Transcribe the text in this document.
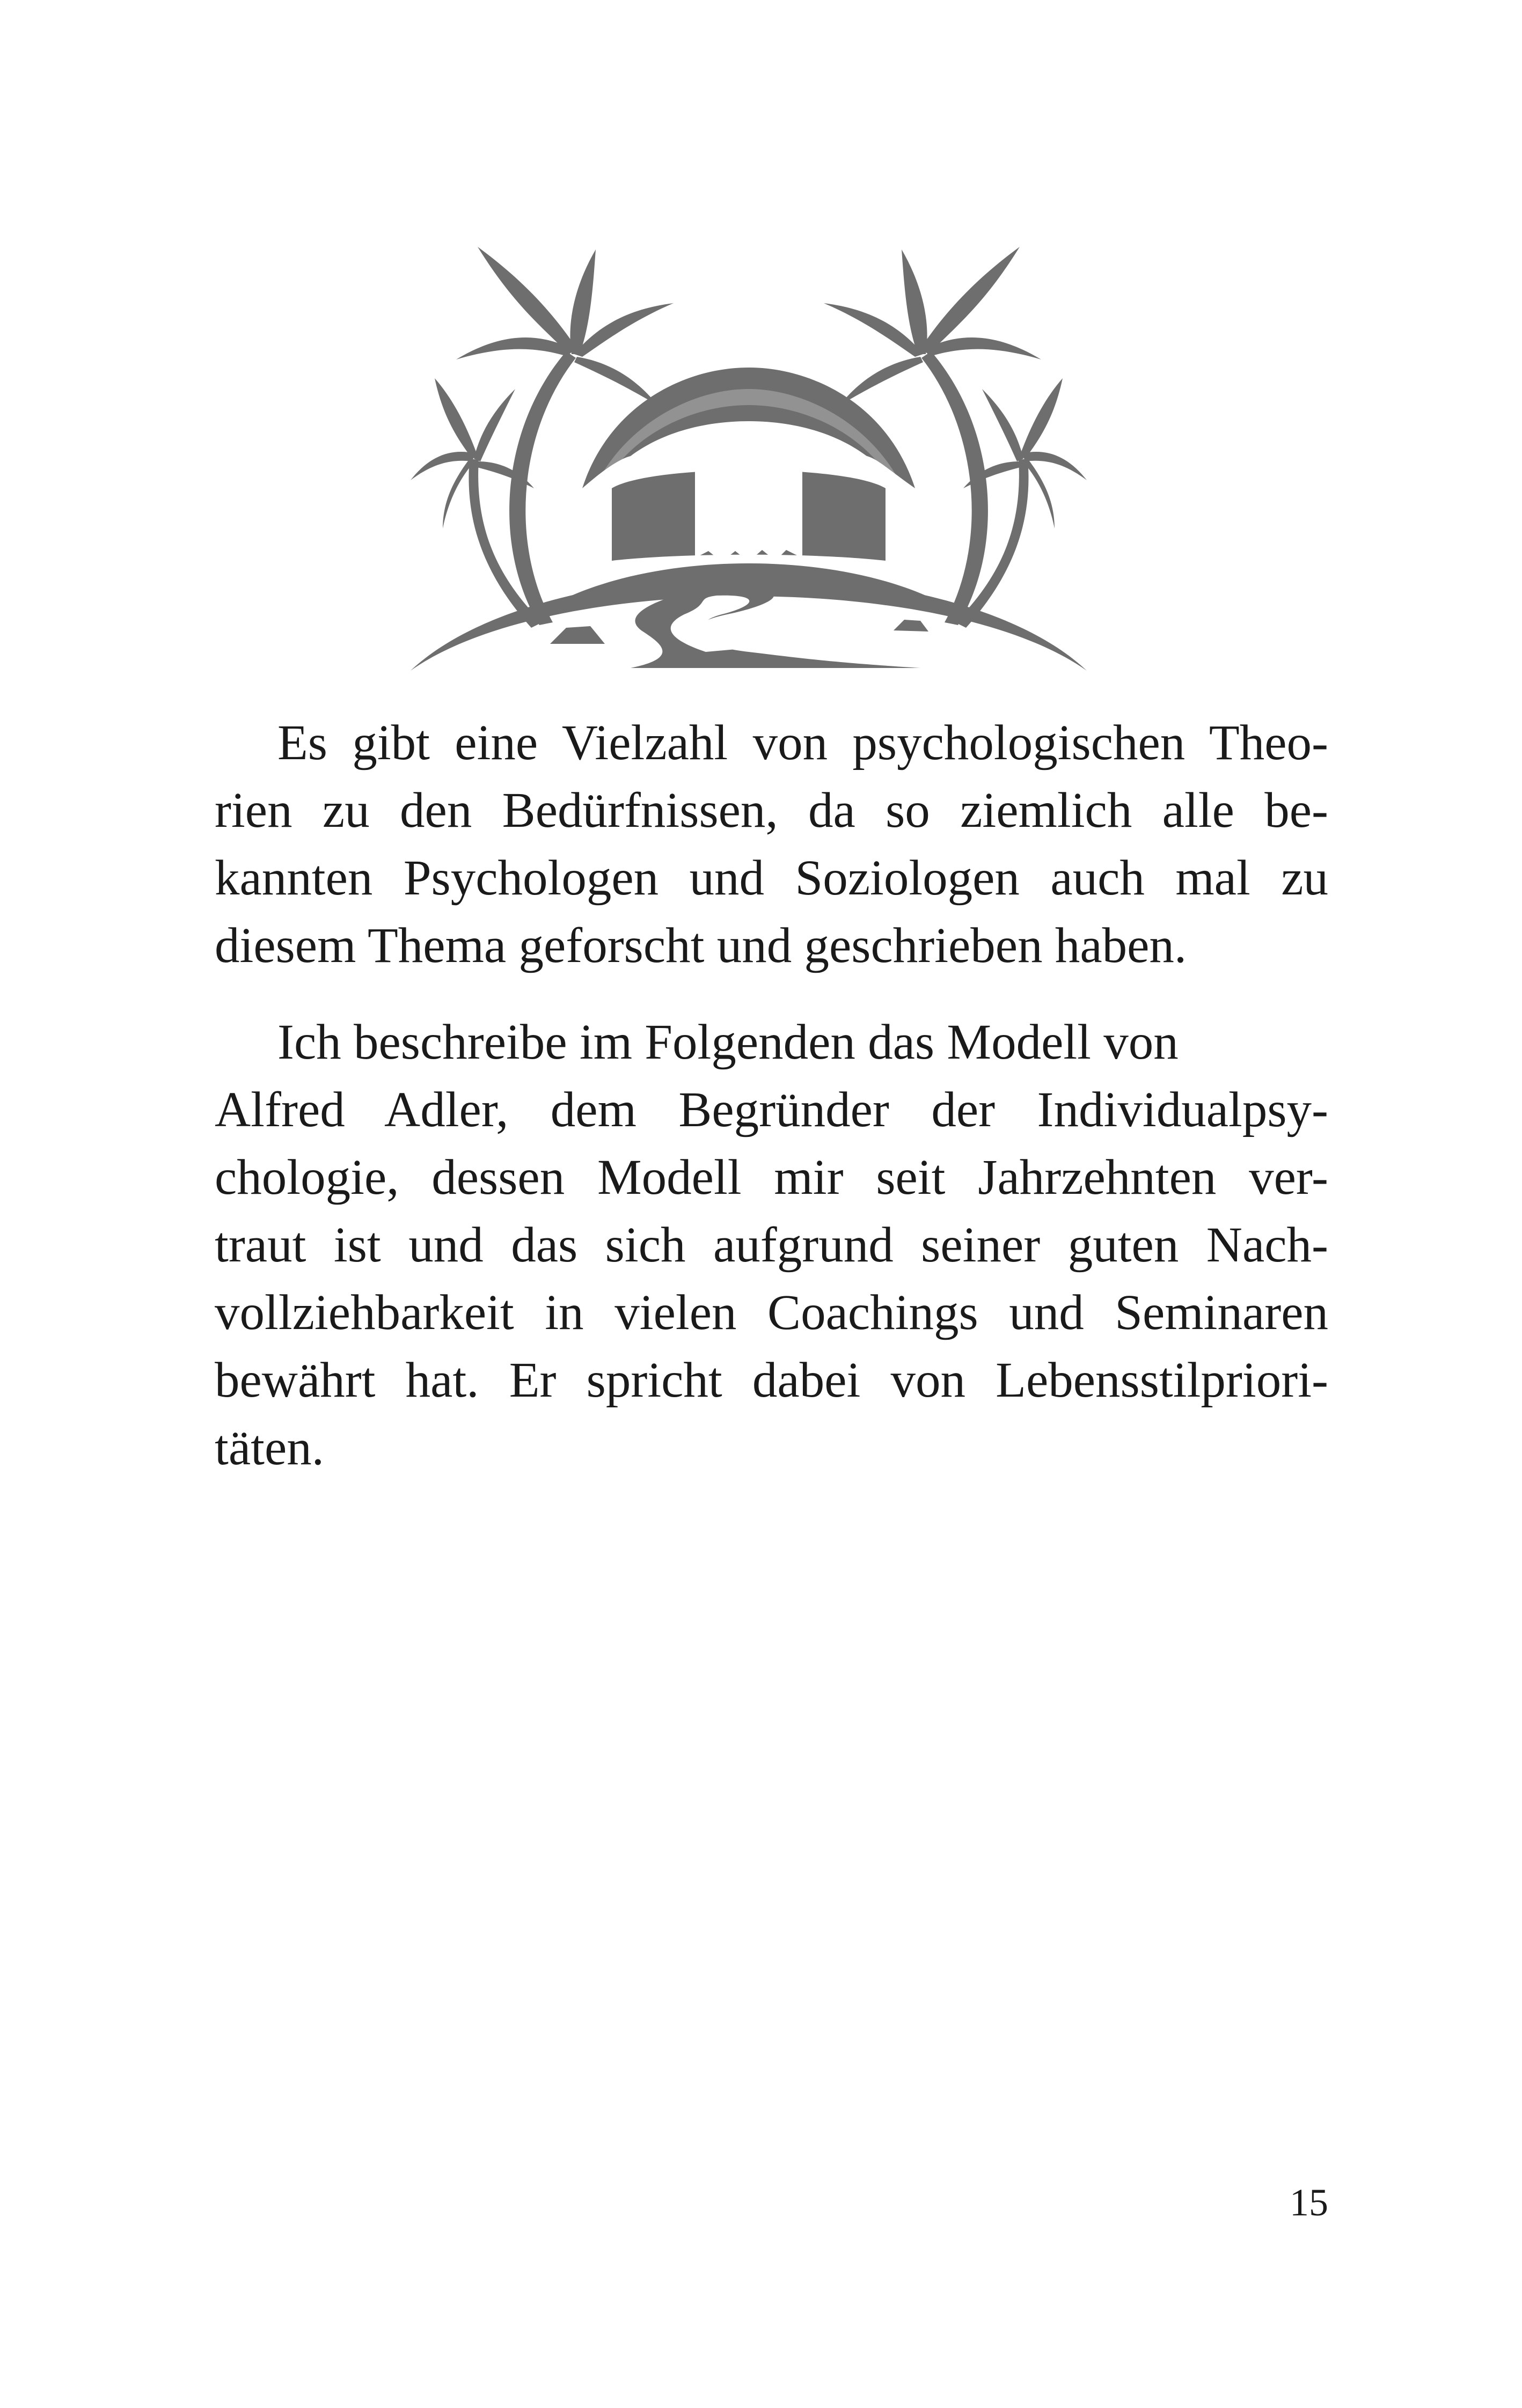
Es gibt eine Vielzahl von psychologischen Theo-
rien zu den Bedürfnissen, da so ziemlich alle be-
kannten Psychologen und Soziologen auch mal zu
diesem Thema geforscht und geschrieben haben.
Ich beschreibe im Folgenden das Modell von
Alfred Adler, dem Begründer der Individualpsy-
chologie, dessen Modell mir seit Jahrzehnten ver-
traut ist und das sich aufgrund seiner guten Nach-
vollziehbarkeit in vielen Coachings und Seminaren
bewährt hat. Er spricht dabei von Lebensstilpriori-
täten.
15
